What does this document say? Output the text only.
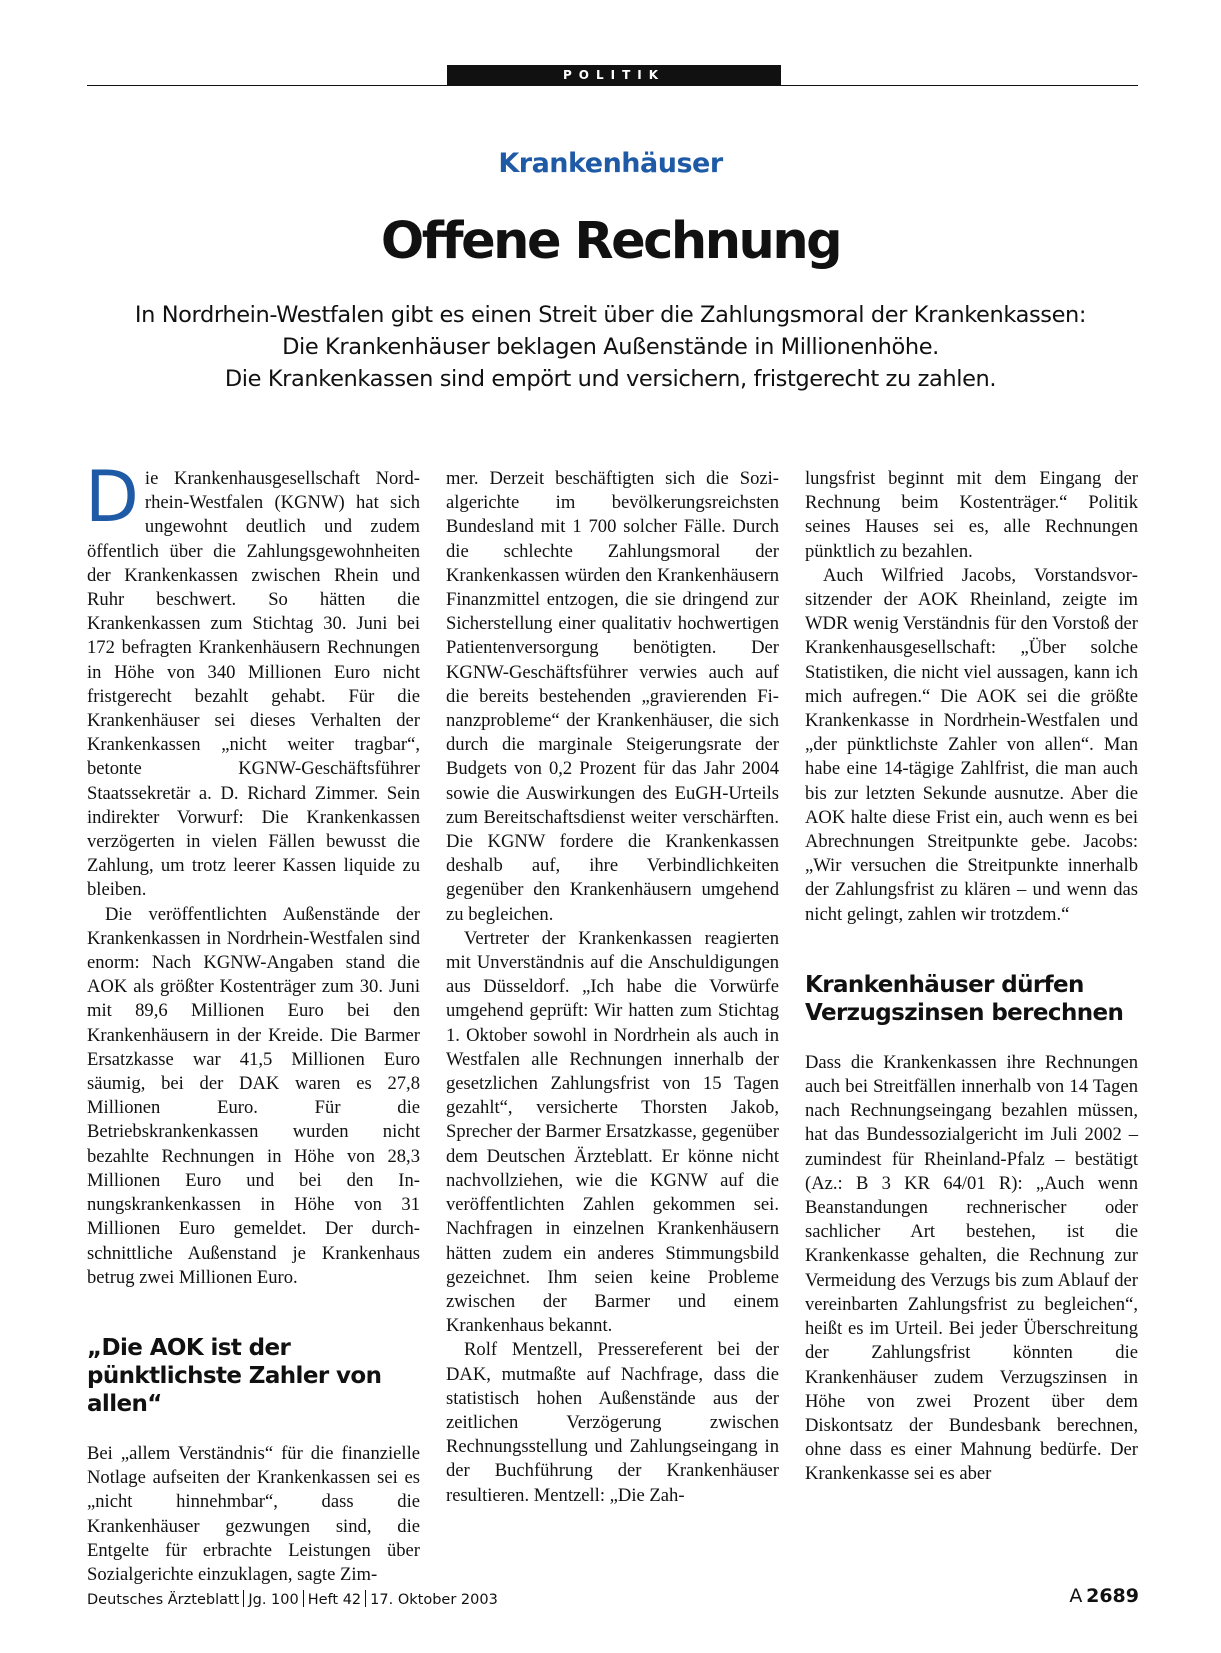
POLITIK
Krankenhäuser
Offene Rechnung
In Nordrhein-Westfalen gibt es einen Streit über die Zahlungsmoral der Krankenkassen:
Die Krankenhäuser beklagen Außenstände in Millionenhöhe.
Die Krankenkassen sind empört und versichern, fristgerecht zu zahlen.

Die Krankenhausgesellschaft Nordrhein-Westfalen (KGNW) hat sich ungewohnt deutlich und zudem öffentlich über die Zahlungsgewohnheiten der Krankenkassen zwischen Rhein und Ruhr beschwert. So hätten die Krankenkassen zum Stichtag 30. Juni bei 172 befragten Krankenhäusern Rechnungen in Höhe von 340 Millionen Euro nicht fristgerecht bezahlt gehabt. Für die Krankenhäuser sei dieses Verhalten der Krankenkassen „nicht weiter tragbar“, betonte KGNW-Geschäftsführer Staatssekretär a. D. Richard Zimmer. Sein indirekter Vorwurf: Die Krankenkassen verzögerten in vielen Fällen bewusst die Zahlung, um trotz leerer Kassen liquide zu bleiben.

Die veröffentlichten Außenstände der Krankenkassen in Nordrhein-Westfalen sind enorm: Nach KGNW-Angaben stand die AOK als größter Kostenträger zum 30. Juni mit 89,6 Millionen Euro bei den Krankenhäusern in der Kreide. Die Barmer Ersatzkasse war 41,5 Millionen Euro säumig, bei der DAK waren es 27,8 Millionen Euro. Für die Betriebskrankenkassen wurden nicht bezahlte Rechnungen in Höhe von 28,3 Millionen Euro und bei den Innungskrankenkassen in Höhe von 31 Millionen Euro gemeldet. Der durchschnittliche Außenstand je Krankenhaus betrug zwei Millionen Euro.

„Die AOK ist der pünktlichste Zahler von allen“

Bei „allem Verständnis“ für die finanzielle Notlage aufseiten der Krankenkassen sei es „nicht hinnehmbar“, dass die Krankenhäuser gezwungen sind, die Entgelte für erbrachte Leistungen über Sozialgerichte einzuklagen, sagte Zim-

mer. Derzeit beschäftigten sich die Sozialgerichte im bevölkerungsreichsten Bundesland mit 1 700 solcher Fälle. Durch die schlechte Zahlungsmoral der Krankenkassen würden den Krankenhäusern Finanzmittel entzogen, die sie dringend zur Sicherstellung einer qualitativ hochwertigen Patientenversorgung benötigten. Der KGNW-Geschäftsführer verwies auch auf die bereits bestehenden „gravierenden Finanzprobleme“ der Krankenhäuser, die sich durch die marginale Steigerungsrate der Budgets von 0,2 Prozent für das Jahr 2004 sowie die Auswirkungen des EuGH-Urteils zum Bereitschaftsdienst weiter verschärften. Die KGNW fordere die Krankenkassen deshalb auf, ihre Verbindlichkeiten gegenüber den Krankenhäusern umgehend zu begleichen.

Vertreter der Krankenkassen reagierten mit Unverständnis auf die Anschuldigungen aus Düsseldorf. „Ich habe die Vorwürfe umgehend geprüft: Wir hatten zum Stichtag 1. Oktober sowohl in Nordrhein als auch in Westfalen alle Rechnungen innerhalb der gesetzlichen Zahlungsfrist von 15 Tagen gezahlt“, versicherte Thorsten Jakob, Sprecher der Barmer Ersatzkasse, gegenüber dem Deutschen Ärzteblatt. Er könne nicht nachvollziehen, wie die KGNW auf die veröffentlichten Zahlen gekommen sei. Nachfragen in einzelnen Krankenhäusern hätten zudem ein anderes Stimmungsbild gezeichnet. Ihm seien keine Probleme zwischen der Barmer und einem Krankenhaus bekannt.

Rolf Mentzell, Pressereferent bei der DAK, mutmaßte auf Nachfrage, dass die statistisch hohen Außenstände aus der zeitlichen Verzögerung zwischen Rechnungsstellung und Zahlungseingang in der Buchführung der Krankenhäuser resultieren. Mentzell: „Die Zah-

lungsfrist beginnt mit dem Eingang der Rechnung beim Kostenträger.“ Politik seines Hauses sei es, alle Rechnungen pünktlich zu bezahlen.

Auch Wilfried Jacobs, Vorstandsvorsitzender der AOK Rheinland, zeigte im WDR wenig Verständnis für den Vorstoß der Krankenhausgesellschaft: „Über solche Statistiken, die nicht viel aussagen, kann ich mich aufregen.“ Die AOK sei die größte Krankenkasse in Nordrhein-Westfalen und „der pünktlichste Zahler von allen“. Man habe eine 14-tägige Zahlfrist, die man auch bis zur letzten Sekunde ausnutze. Aber die AOK halte diese Frist ein, auch wenn es bei Abrechnungen Streitpunkte gebe. Jacobs: „Wir versuchen die Streitpunkte innerhalb der Zahlungsfrist zu klären – und wenn das nicht gelingt, zahlen wir trotzdem.“

Krankenhäuser dürfen Verzugszinsen berechnen

Dass die Krankenkassen ihre Rechnungen auch bei Streitfällen innerhalb von 14 Tagen nach Rechnungseingang bezahlen müssen, hat das Bundessozialgericht im Juli 2002 – zumindest für Rheinland-Pfalz – bestätigt (Az.: B 3 KR 64/01 R): „Auch wenn Beanstandungen rechnerischer oder sachlicher Art bestehen, ist die Krankenkasse gehalten, die Rechnung zur Vermeidung des Verzugs bis zum Ablauf der vereinbarten Zahlungsfrist zu begleichen“, heißt es im Urteil. Bei jeder Überschreitung der Zahlungsfrist könnten die Krankenhäuser zudem Verzugszinsen in Höhe von zwei Prozent über dem Diskontsatz der Bundesbank berechnen, ohne dass es einer Mahnung bedürfe. Der Krankenkasse sei es aber

Deutsches Ärzteblatt Jg. 100 Heft 42 17. Oktober 2003	A  2689
